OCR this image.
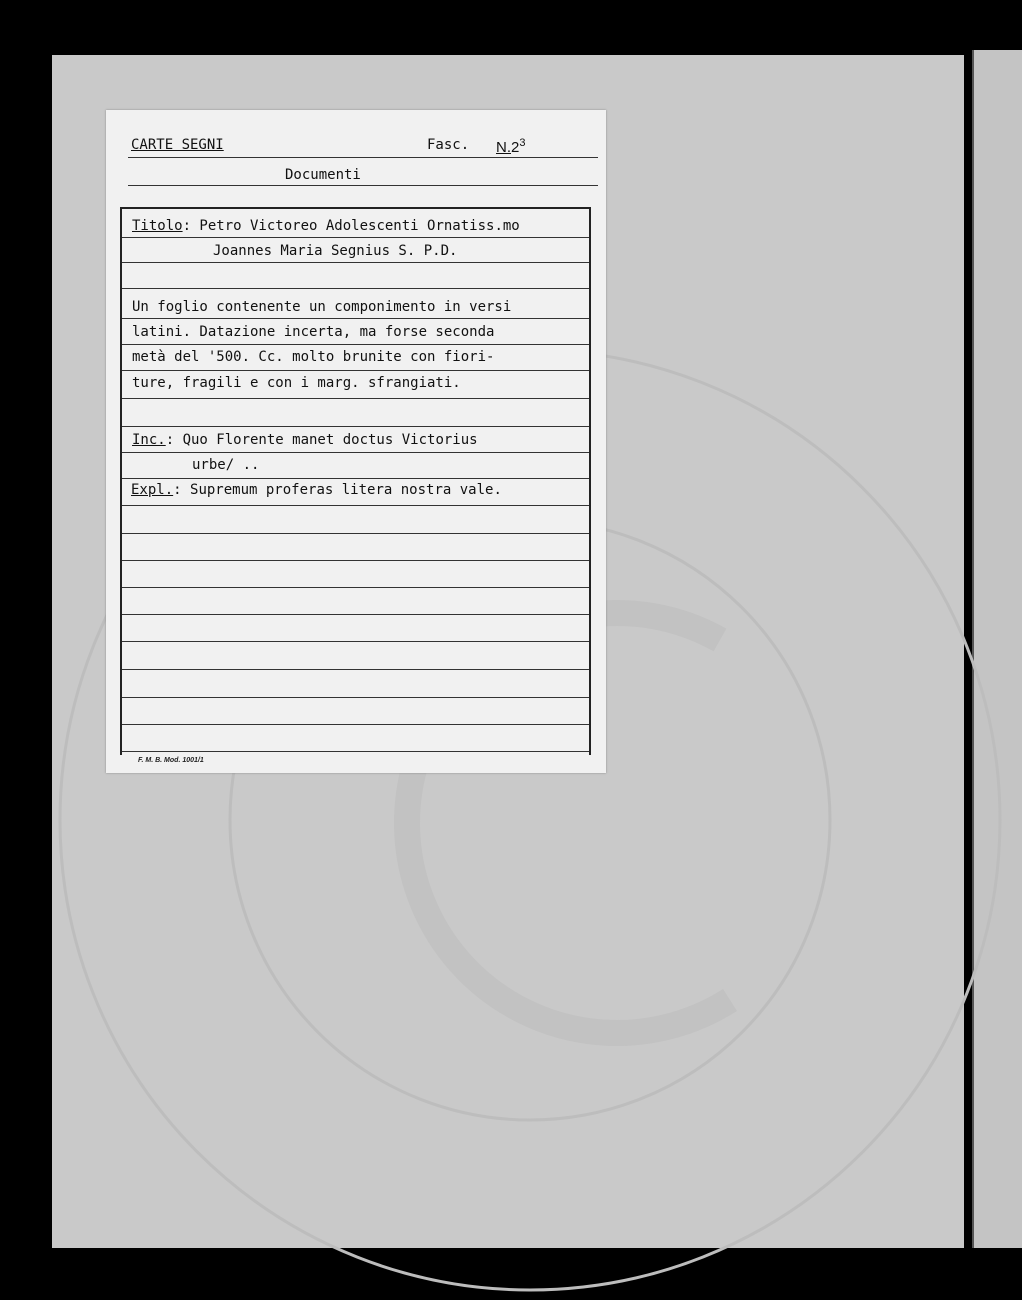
CARTE SEGNI	Fasc. $N.2^3$
Documenti
Titolo: Petro Victoreo Adolescenti Ornatiss.mo
Joannes Maria Segnius S. P.D.
Un foglio contenente un componimento in versi
latini. Datazione incerta, ma forse seconda
metà del '500. Cc. molto brunite con fiori-
ture, fragili e con i marg. sfrangiati.
Inc.: Quo Florente manet doctus Victorius
urbe/ ..
Expl.: Supremum proferas litera nostra vale.
F. M. B. Mod. 1001/1
